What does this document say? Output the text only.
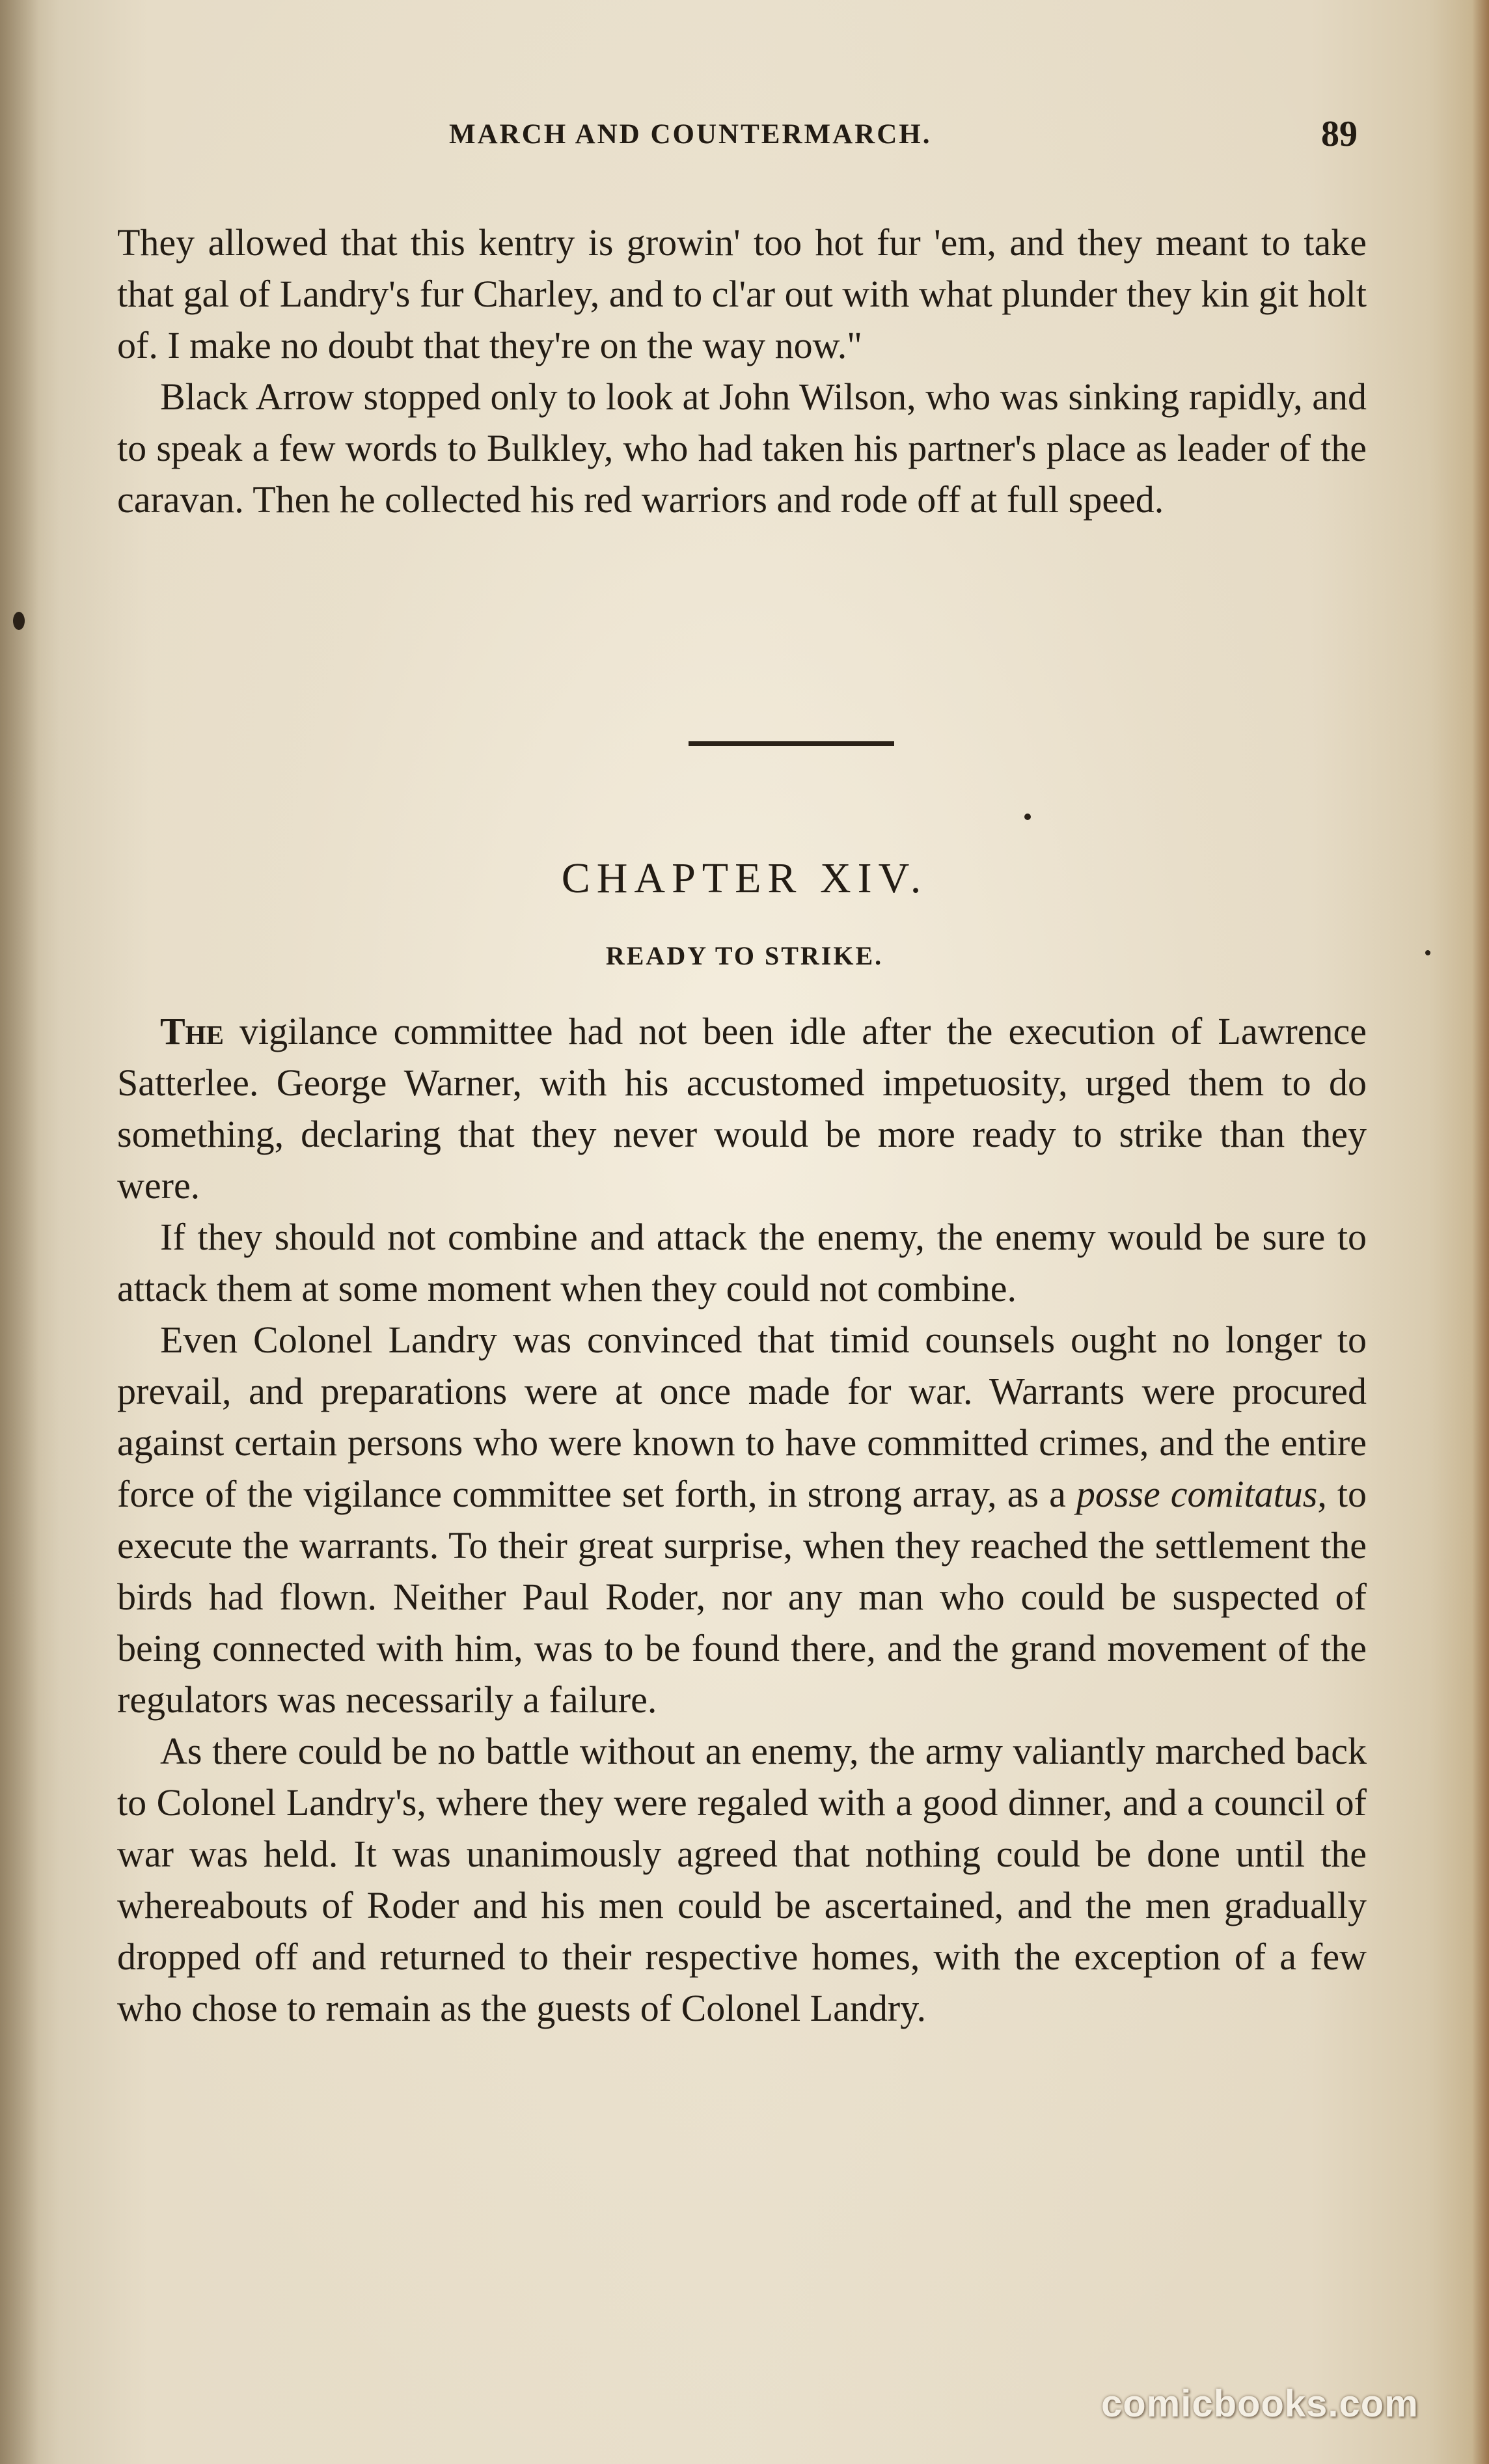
MARCH AND COUNTERMARCH.	89

They allowed that this kentry is growin' too hot fur 'em, and they meant to take that gal of Landry's fur Charley, and to cl'ar out with what plunder they kin git holt of. I make no doubt that they're on the way now."

Black Arrow stopped only to look at John Wilson, who was sinking rapidly, and to speak a few words to Bulkley, who had taken his partner's place as leader of the caravan. Then he collected his red warriors and rode off at full speed.

CHAPTER XIV.
READY TO STRIKE.

The vigilance committee had not been idle after the execution of Lawrence Satterlee. George Warner, with his accustomed impetuosity, urged them to do something, declaring that they never would be more ready to strike than they were.

If they should not combine and attack the enemy, the enemy would be sure to attack them at some moment when they could not combine.

Even Colonel Landry was convinced that timid counsels ought no longer to prevail, and preparations were at once made for war. Warrants were procured against certain persons who were known to have committed crimes, and the entire force of the vigilance committee set forth, in strong array, as a posse comitatus, to execute the warrants. To their great surprise, when they reached the settlement the birds had flown. Neither Paul Roder, nor any man who could be suspected of being connected with him, was to be found there, and the grand movement of the regulators was necessarily a failure.

As there could be no battle without an enemy, the army valiantly marched back to Colonel Landry's, where they were regaled with a good dinner, and a council of war was held. It was unanimously agreed that nothing could be done until the whereabouts of Roder and his men could be ascertained, and the men gradually dropped off and returned to their respective homes, with the exception of a few who chose to remain as the guests of Colonel Landry.

comicbooks.com
